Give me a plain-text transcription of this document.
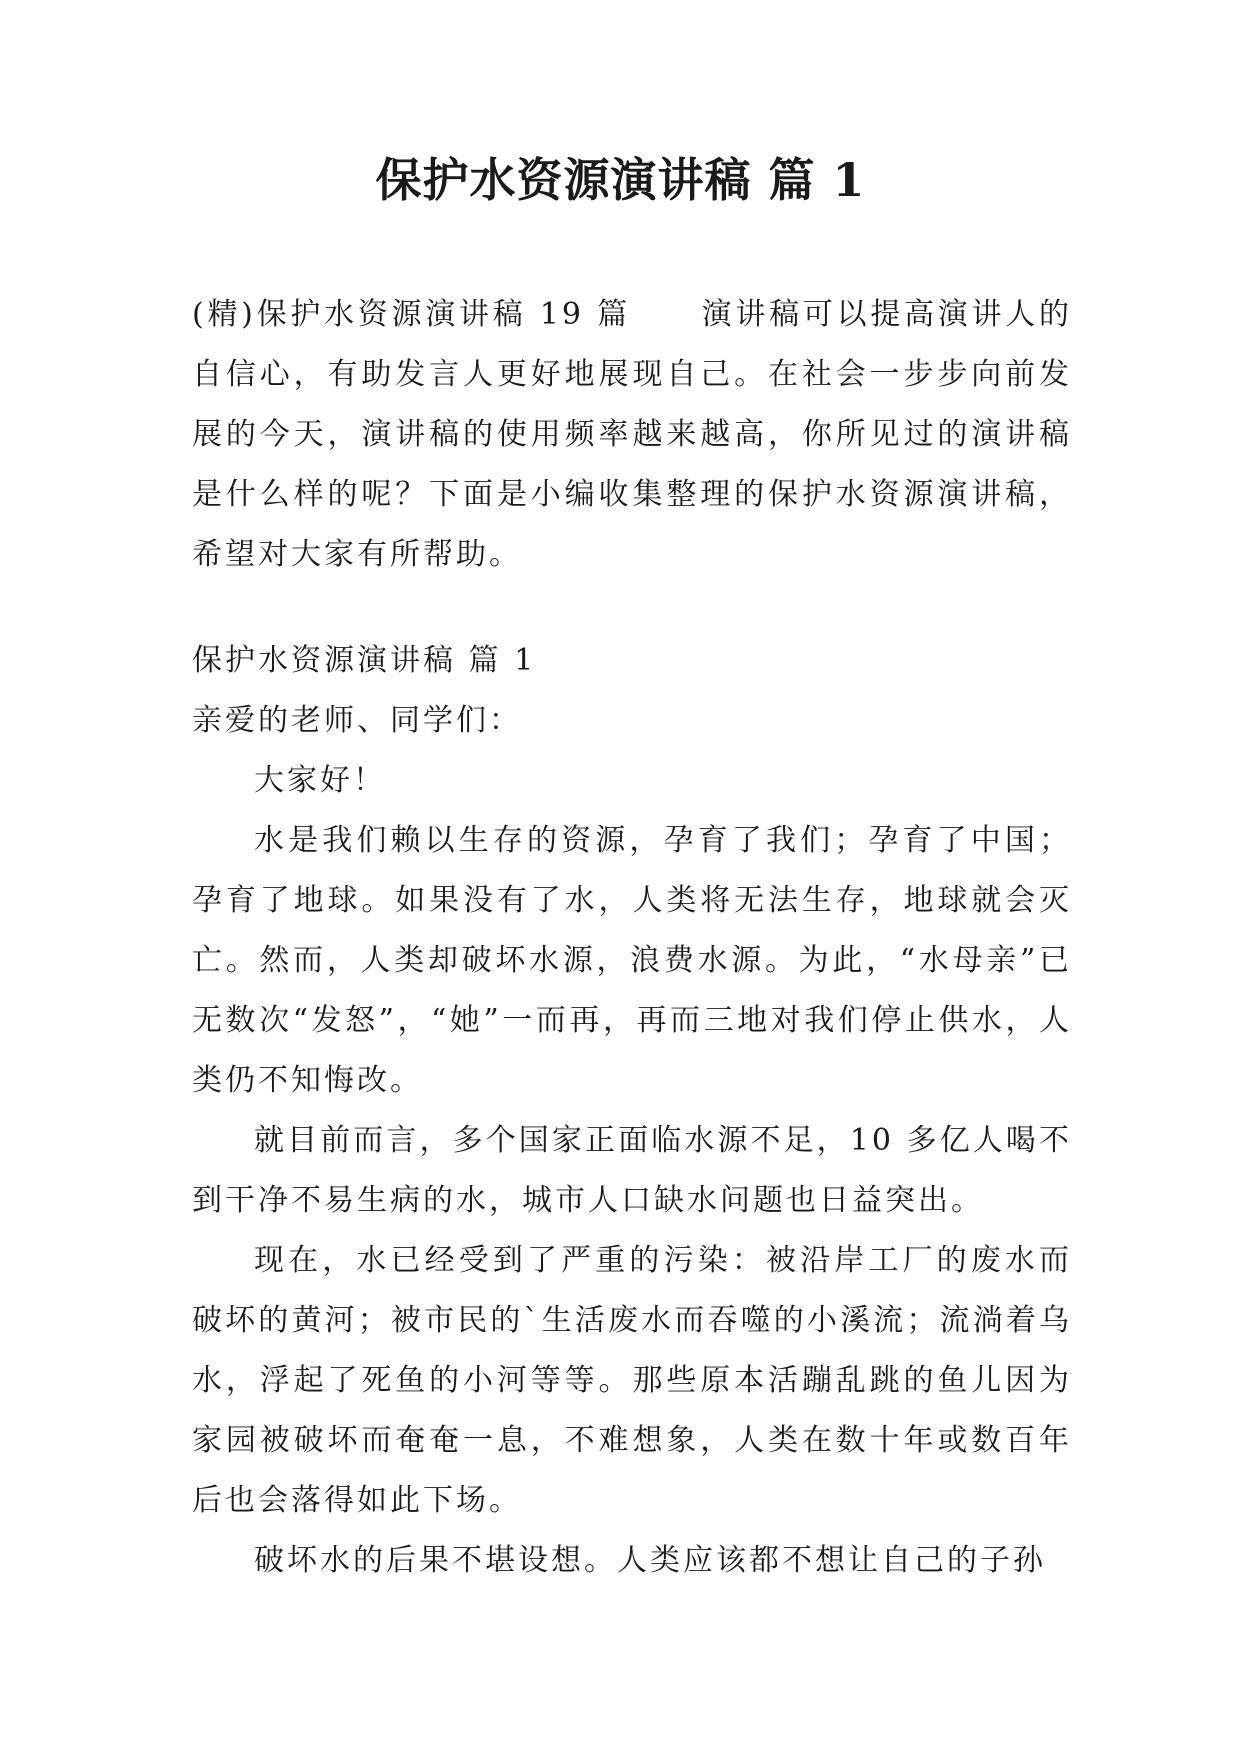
保护水资源演讲稿 篇 1

(精)保护水资源演讲稿 19 篇 演讲稿可以提高演讲人的自信心，有助发言人更好地展现自己。在社会一步步向前发展的今天，演讲稿的使用频率越来越高，你所见过的演讲稿是什么样的呢？下面是小编收集整理的保护水资源演讲稿，希望对大家有所帮助。

保护水资源演讲稿 篇 1

亲爱的老师、同学们：

大家好！

水是我们赖以生存的资源，孕育了我们；孕育了中国；孕育了地球。如果没有了水，人类将无法生存，地球就会灭亡。然而，人类却破坏水源，浪费水源。为此，“水母亲”已无数次“发怒”，“她”一而再，再而三地对我们停止供水，人类仍不知悔改。

就目前而言，多个国家正面临水源不足，10 多亿人喝不到干净不易生病的水，城市人口缺水问题也日益突出。

现在，水已经受到了严重的污染：被沿岸工厂的废水而破坏的黄河；被市民的`生活废水而吞噬的小溪流；流淌着乌水，浮起了死鱼的小河等等。那些原本活蹦乱跳的鱼儿因为家园被破坏而奄奄一息，不难想象，人类在数十年或数百年后也会落得如此下场。

破坏水的后果不堪设想。人类应该都不想让自己的子孙
